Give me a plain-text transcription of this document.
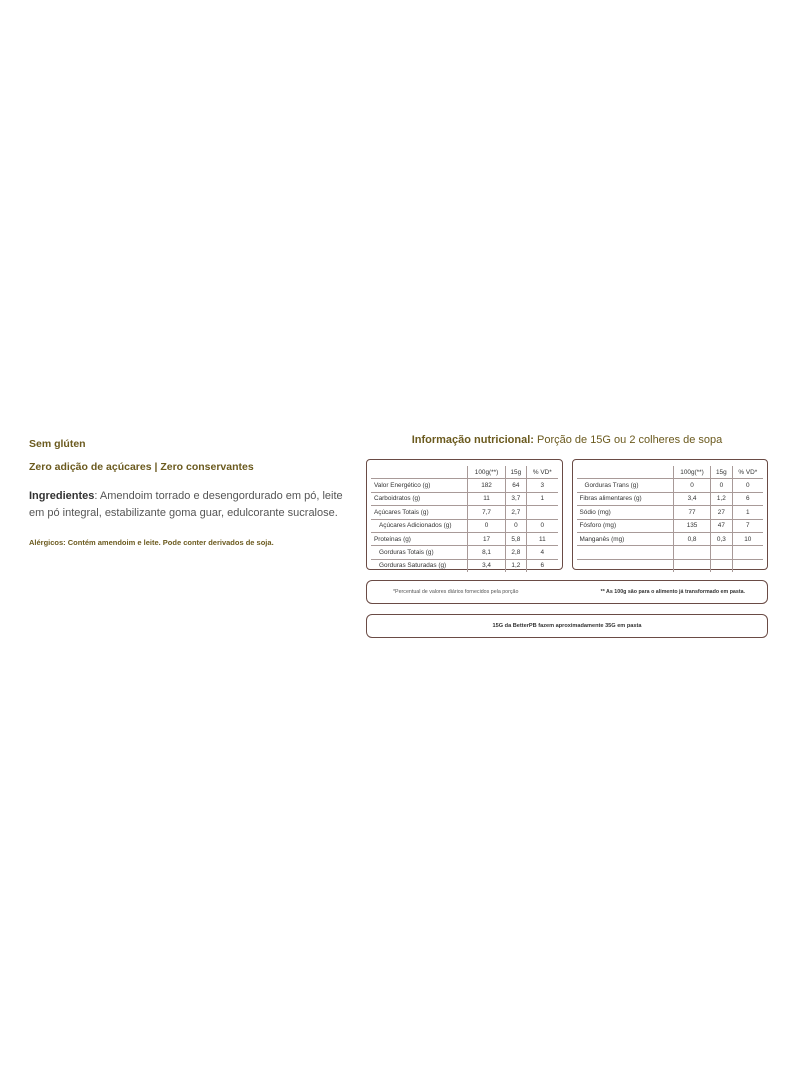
Sem glúten

Zero adição de açúcares | Zero conservantes

Ingredientes: Amendoim torrado e desengordurado em pó, leite em pó integral, estabilizante goma guar, edulcorante sucralose.

Alérgicos: Contém amendoim e leite. Pode conter derivados de soja.

Informação nutricional: Porção de 15G ou 2 colheres de sopa
	100g(**)	15g	% VD*
Valor Energético (g)	182	64	3
Carboidratos (g)	11	3,7	1
Açúcares Totais (g)	7,7	2,7	
Açúcares Adicionados (g)	0	0	0
Proteínas (g)	17	5,8	11
Gorduras Totais (g)	8,1	2,8	4
Gorduras Saturadas (g)	3,4	1,2	6
	100g(**)	15g	% VD*
Gorduras Trans (g)	0	0	0
Fibras alimentares (g)	3,4	1,2	6
Sódio (mg)	77	27	1
Fósforo (mg)	135	47	7
Manganês (mg)	0,8	0,3	10

*Percentual de valores diários fornecidos pela porção	** As 100g são para o alimento já transformado em pasta.
15G da BetterPB fazem aproximadamente 35G em pasta
